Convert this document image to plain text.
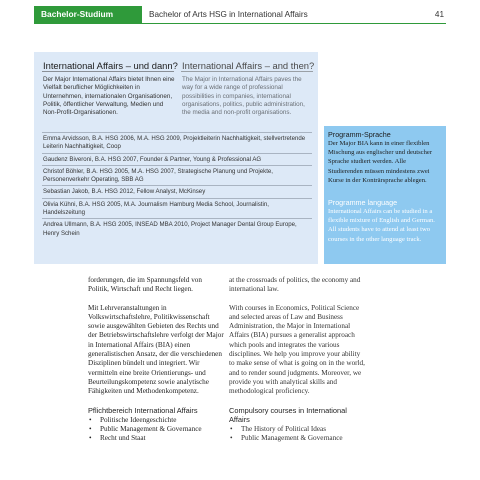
Bachelor-Studium	Bachelor of Arts HSG in International Affairs	41
International Affairs – und dann? International Affairs – and then?
Der Major International Affairs bietet Ihnen eine Vielfalt beruflicher Möglichkeiten in Unternehmen, internationalen Organisationen, Politik, öffentlicher Verwaltung, Medien und Non-Profit-Organisationen.
The Major in International Affairs paves the way for a wide range of professional possibilities in companies, international organisations, politics, public administration, the media and non-profit organisations.
Emma Arvidsson, B.A. HSG 2006, M.A. HSG 2009, Projektleiterin Nachhaltigkeit, stellvertretende Leiterin Nachhaltigkeit, Coop
Gaudenz Biveroni, B.A. HSG 2007, Founder & Partner, Young & Professional AG
Christof Böhler, B.A. HSG 2005, M.A. HSG 2007, Strategische Planung und Projekte, Personenverkehr Operating, SBB AG
Sebastian Jakob, B.A. HSG 2012, Fellow Analyst, McKinsey
Olivia Kühni, B.A. HSG 2005, M.A. Journalism Hamburg Media School, Journalistin, Handelszeitung
Andrea Ullmann, B.A. HSG 2005, INSEAD MBA 2010, Project Manager Dental Group Europe, Henry Schein
Programm-Sprache
Der Major BIA kann in einer flexiblen Mischung aus englischer und deutscher Sprache studiert werden. Alle Studierenden müssen mindestens zwei Kurse in der Konträrsprache ablegen.
Programme language
International Affairs can be studied in a flexible mixture of English and German. All students have to attend at least two courses in the other language track.

forderungen, die im Spannungsfeld von Politik, Wirtschaft und Recht liegen.

Mit Lehrveranstaltungen in Volkswirtschaftslehre, Politikwissenschaft sowie ausgewählten Gebieten des Rechts und der Betriebswirtschaftslehre verfolgt der Major in International Affairs (BIA) einen generalistischen Ansatz, der die verschiedenen Disziplinen bündelt und integriert. Wir vermitteln eine breite Orientierungs- und Beurteilungskompetenz sowie analytische Fähigkeiten und Methodenkompetenz.

Pflichtbereich International Affairs
• Politische Ideengeschichte
• Public Management & Governance
• Recht und Staat

at the crossroads of politics, the economy and international law.

With courses in Economics, Political Science and selected areas of Law and Business Administration, the Major in International Affairs (BIA) pursues a generalist approach which pools and integrates the various disciplines. We help you improve your ability to make sense of what is going on in the world, and to render sound judgments. Moreover, we provide you with analytical skills and methodological proficiency.

Compulsory courses in International Affairs
• The History of Political Ideas
• Public Management & Governance
